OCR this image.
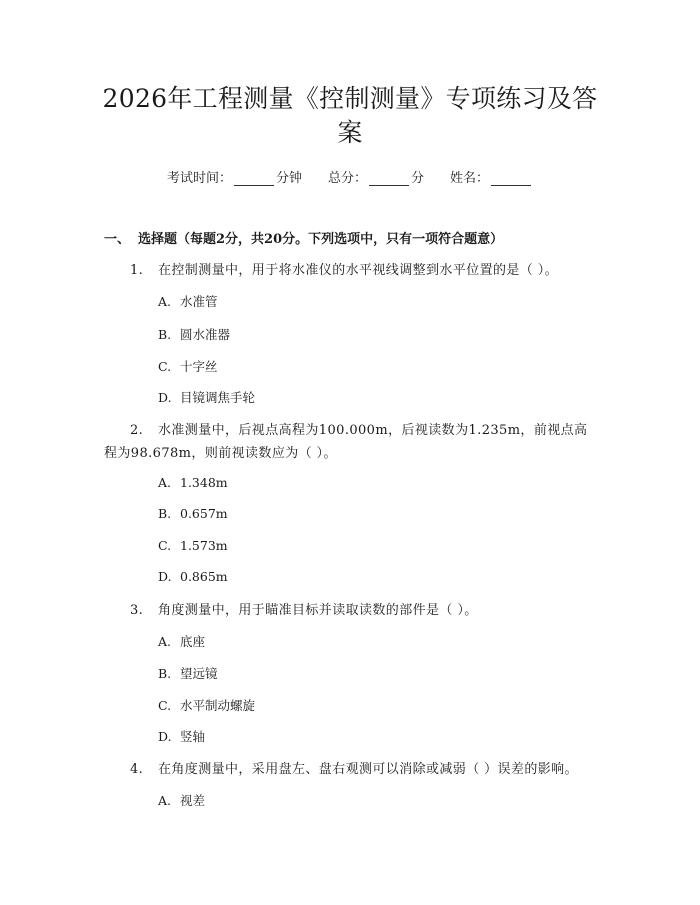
2026年工程测量《控制测量》专项练习及答案
考试时间：	分钟 总分：	分 姓名：
一、 选择题（每题2分，共20分。下列选项中，只有一项符合题意）
1. 在控制测量中，用于将水准仪的水平视线调整到水平位置的是（ ）。
A. 水准管
B. 圆水准器
C. 十字丝
D. 目镜调焦手轮
2. 水准测量中，后视点高程为100.000m，后视读数为1.235m，前视点高程为98.678m，则前视读数应为（ ）。
A. 1.348m
B. 0.657m
C. 1.573m
D. 0.865m
3. 角度测量中，用于瞄准目标并读取读数的部件是（ ）。
A. 底座
B. 望远镜
C. 水平制动螺旋
D. 竖轴
4. 在角度测量中，采用盘左、盘右观测可以消除或减弱（ ）误差的影响。
A. 视差
